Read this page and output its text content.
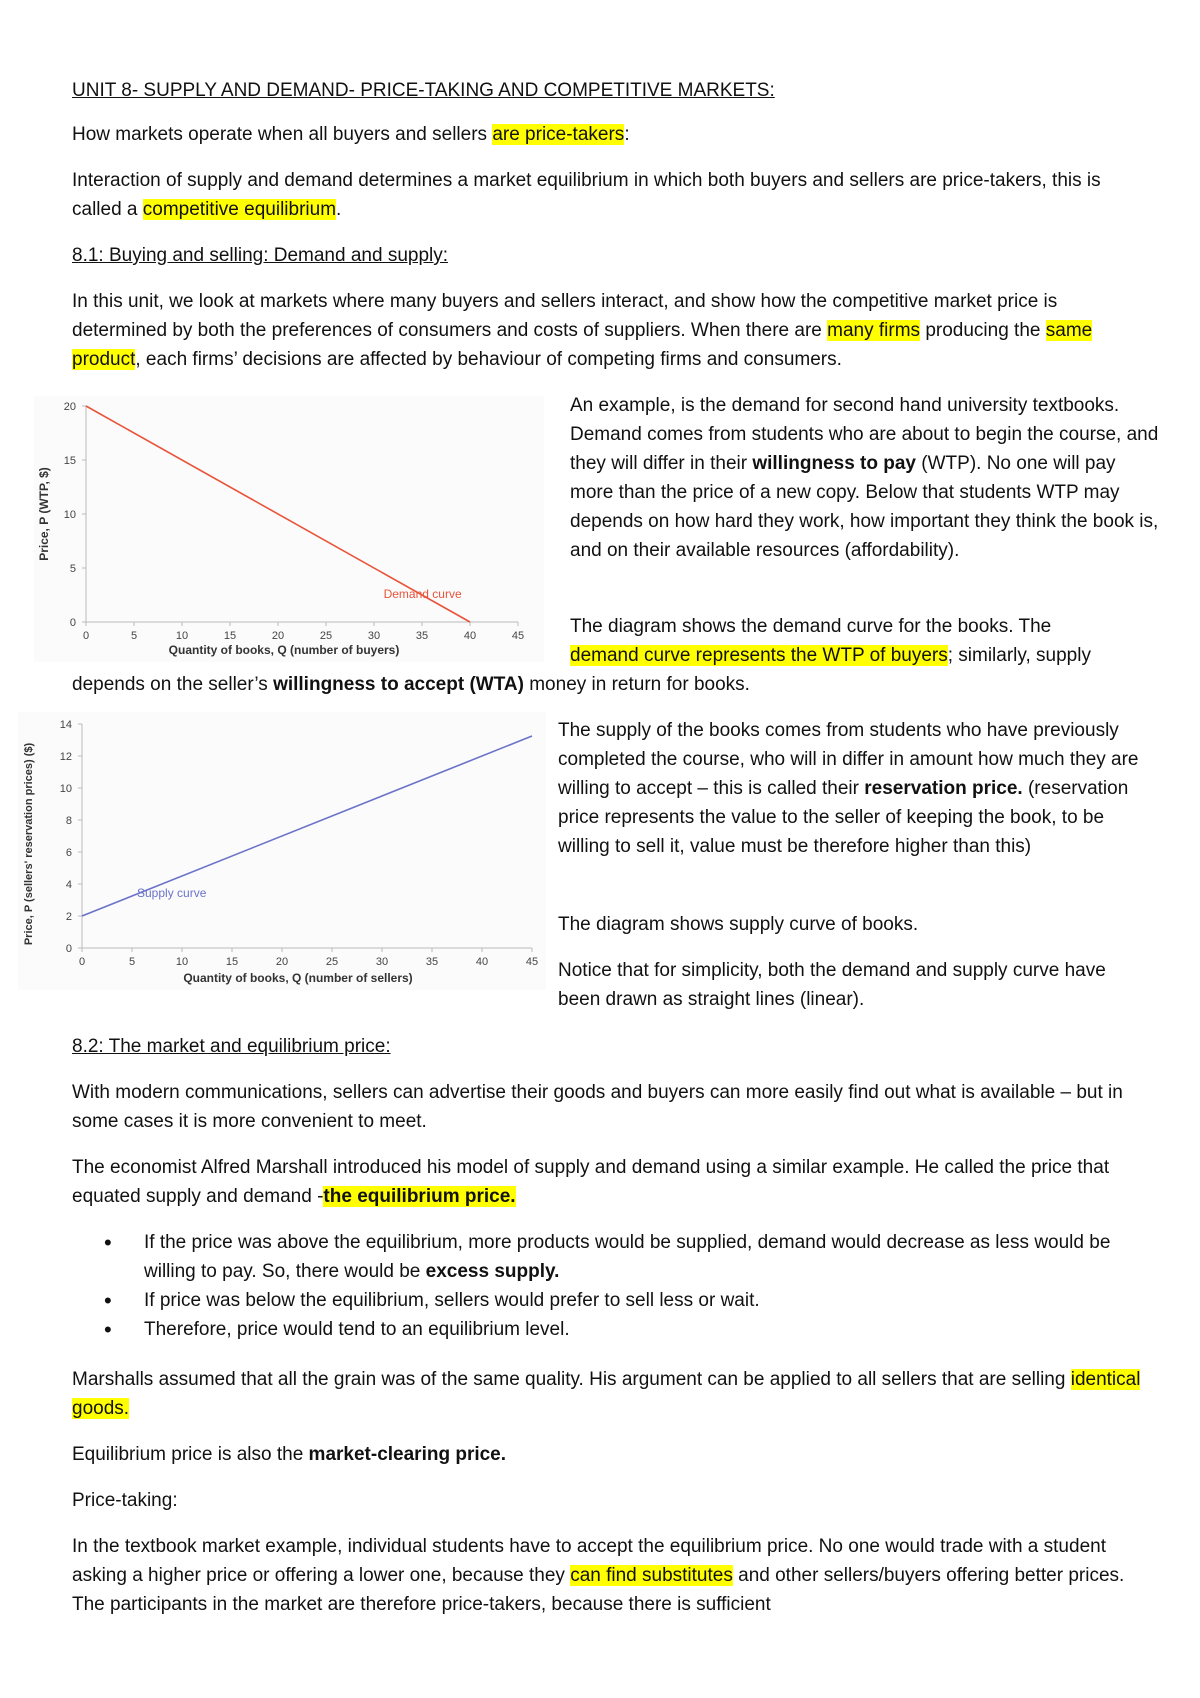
UNIT 8- SUPPLY AND DEMAND- PRICE-TAKING AND COMPETITIVE MARKETS:

How markets operate when all buyers and sellers are price-takers:

Interaction of supply and demand determines a market equilibrium in which both buyers and sellers are price-takers, this is called a competitive equilibrium.

8.1: Buying and selling: Demand and supply:

In this unit, we look at markets where many buyers and sellers interact, and show how the competitive market price is determined by both the preferences of consumers and costs of suppliers. When there are many firms producing the same product, each firms’ decisions are affected by behaviour of competing firms and consumers.

0
5
10
15
20
0	5	10	15	20	25	30	35	40	45
Demand curve
Quantity of books, Q (number of buyers)
Price, P (WTP, $)

An example, is the demand for second hand university textbooks. Demand comes from students who are about to begin the course, and they will differ in their willingness to pay (WTP). No one will pay more than the price of a new copy. Below that students WTP may depends on how hard they work, how important they think the book is, and on their available resources (affordability).

The diagram shows the demand curve for the books. The

demand curve represents the WTP of buyers; similarly, supply

depends on the seller’s willingness to accept (WTA) money in return for books.

0
2
4
6
8
10
12
14
0	5	10	15	20	25	30	35	40	45
Supply curve
Quantity of books, Q (number of sellers)
Price, P (sellers' reservation prices) ($)

The supply of the books comes from students who have previously completed the course, who will in differ in amount how much they are willing to accept – this is called their reservation price. (reservation price represents the value to the seller of keeping the book, to be willing to sell it, value must be therefore higher than this)

The diagram shows supply curve of books.

Notice that for simplicity, both the demand and supply curve have been drawn as straight lines (linear).

8.2: The market and equilibrium price:

With modern communications, sellers can advertise their goods and buyers can more easily find out what is available – but in some cases it is more convenient to meet.

The economist Alfred Marshall introduced his model of supply and demand using a similar example. He called the price that equated supply and demand -the equilibrium price.

• If the price was above the equilibrium, more products would be supplied, demand would decrease as less would be willing to pay. So, there would be excess supply.
• If price was below the equilibrium, sellers would prefer to sell less or wait.
• Therefore, price would tend to an equilibrium level.

Marshalls assumed that all the grain was of the same quality. His argument can be applied to all sellers that are selling identical goods.

Equilibrium price is also the market-clearing price.

Price-taking:

In the textbook market example, individual students have to accept the equilibrium price. No one would trade with a student asking a higher price or offering a lower one, because they can find substitutes and other sellers/buyers offering better prices. The participants in the market are therefore price-takers, because there is sufficient
